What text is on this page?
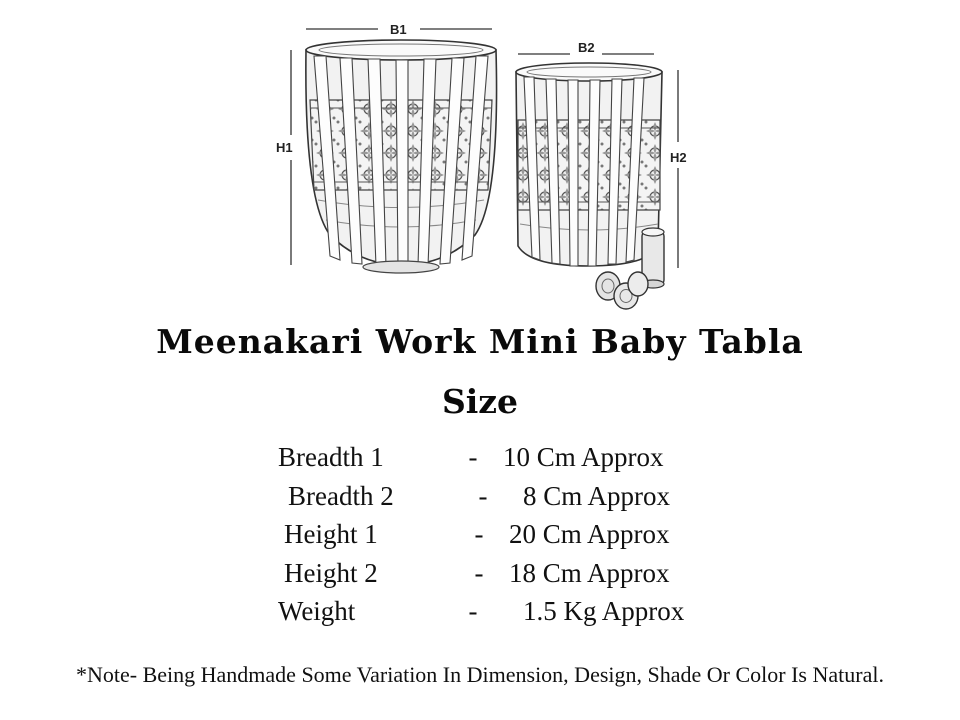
B1
H1
B2
H2
Meenakari Work Mini Baby Tabla
Size
Breadth 1	- 10 Cm Approx
Breadth 2	-	8 Cm Approx
Height 1	- 20 Cm Approx
Height 2	- 18 Cm Approx
Weight	-	1.5 Kg Approx
*Note- Being Handmade Some Variation In Dimension, Design, Shade Or Color Is Natural.
